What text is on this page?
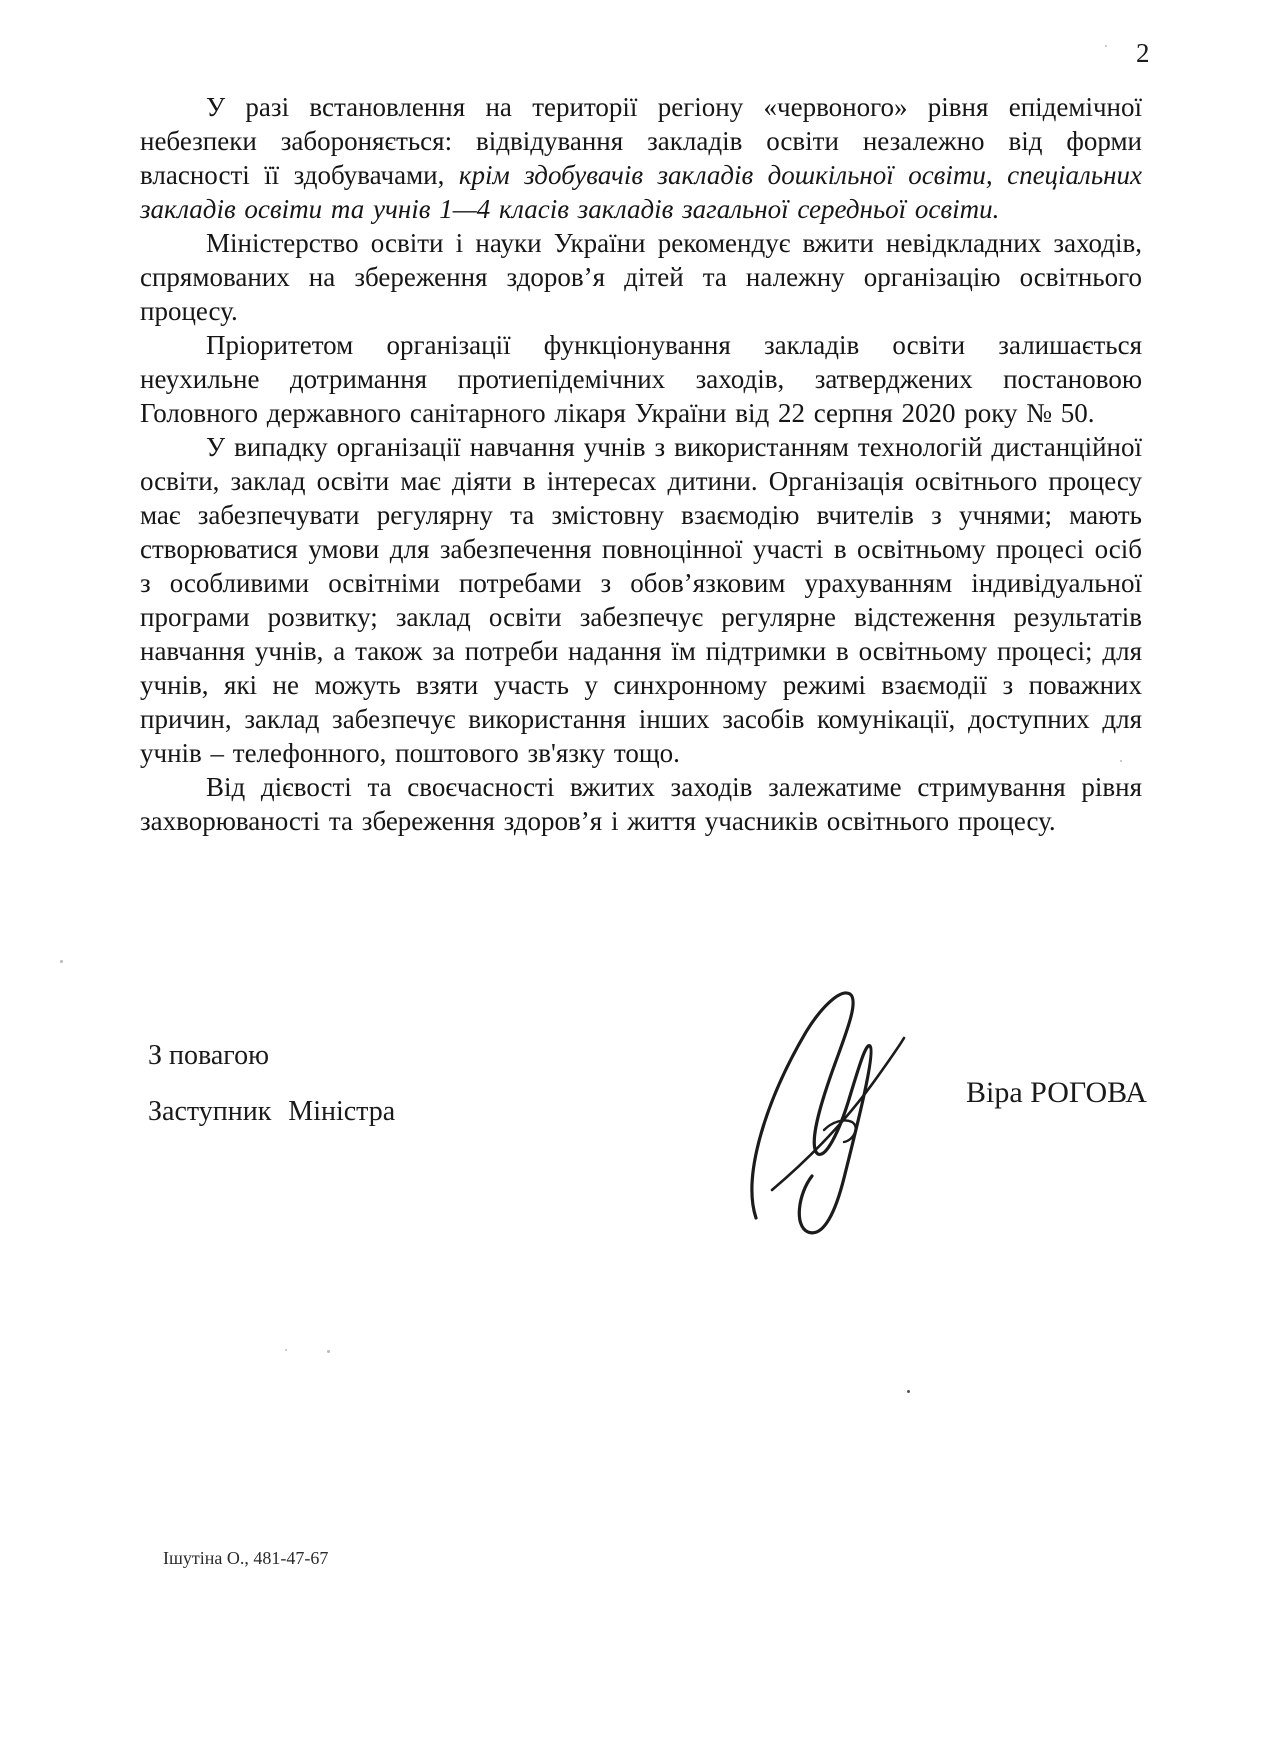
2

У разі встановлення на території регіону «червоного» рівня епідемічної небезпеки забороняється: відвідування закладів освіти незалежно від форми власності її здобувачами, крім здобувачів закладів дошкільної освіти, спеціальних закладів освіти та учнів 1—4 класів закладів загальної середньої освіти.

Міністерство освіти і науки України рекомендує вжити невідкладних заходів, спрямованих на збереження здоров’я дітей та належну організацію освітнього процесу.

Пріоритетом організації функціонування закладів освіти залишається неухильне дотримання протиепідемічних заходів, затверджених постановою Головного державного санітарного лікаря України від 22 серпня 2020 року № 50.

У випадку організації навчання учнів з використанням технологій дистанційної освіти, заклад освіти має діяти в інтересах дитини. Організація освітнього процесу має забезпечувати регулярну та змістовну взаємодію вчителів з учнями; мають створюватися умови для забезпечення повноцінної участі в освітньому процесі осіб з особливими освітніми потребами з обов’язковим урахуванням індивідуальної програми розвитку; заклад освіти забезпечує регулярне відстеження результатів навчання учнів, а також за потреби надання їм підтримки в освітньому процесі; для учнів, які не можуть взяти участь у синхронному режимі взаємодії з поважних причин, заклад забезпечує використання інших засобів комунікації, доступних для учнів – телефонного, поштового зв'язку тощо.

Від дієвості та своєчасності вжитих заходів залежатиме стримування рівня захворюваності та збереження здоров’я і життя учасників освітнього процесу.

З повагою
Заступник Міністра
Віра РОГОВА
Ішутіна О., 481-47-67
